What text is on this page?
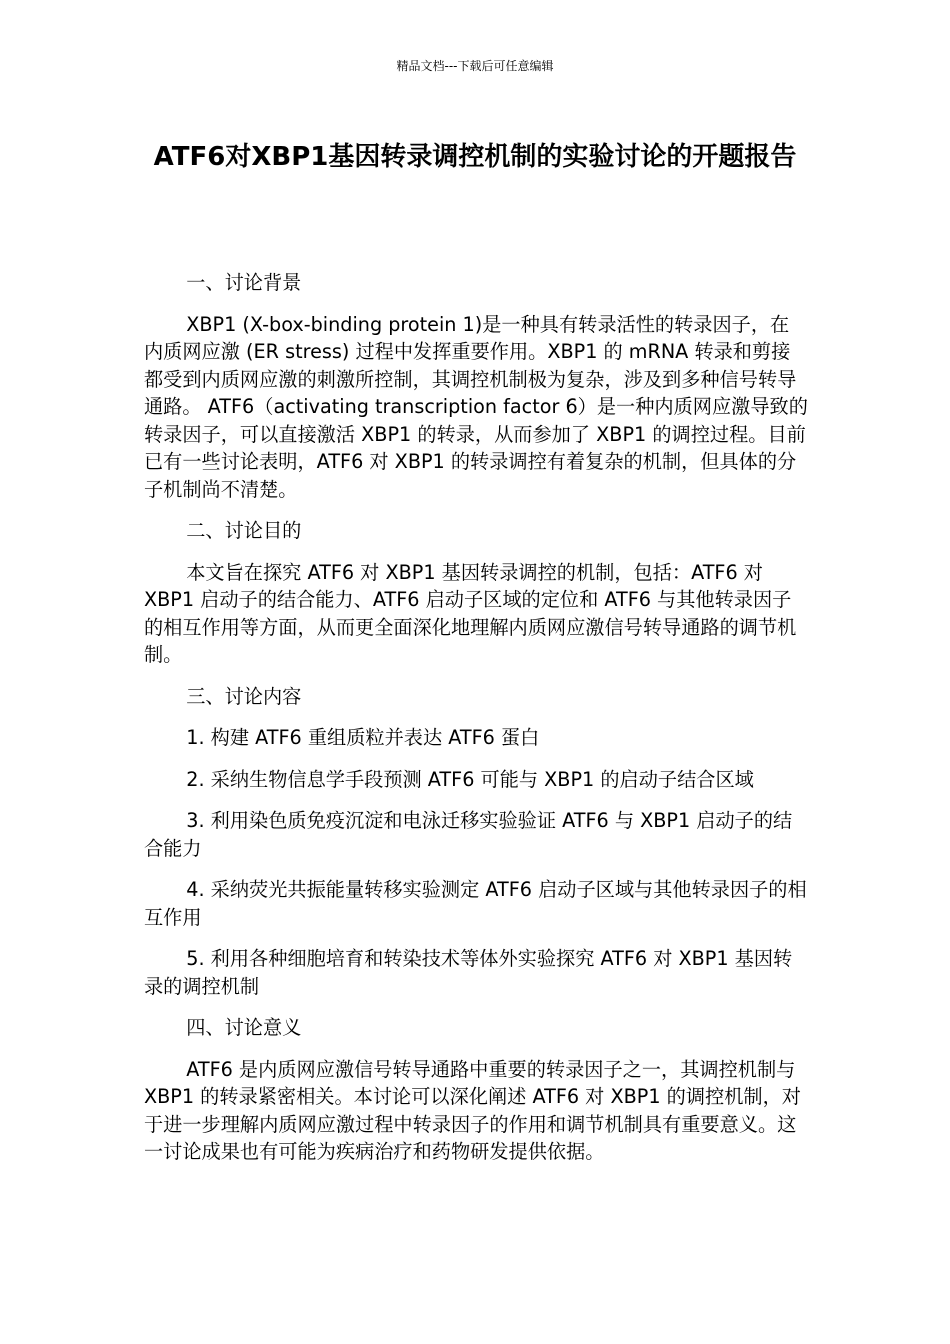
精品文档---下载后可任意编辑
ATF6对XBP1基因转录调控机制的实验讨论的开题报告

一、讨论背景

XBP1 (X-box-binding protein 1)是一种具有转录活性的转录因子，在内质网应激 (ER stress) 过程中发挥重要作用。XBP1 的 mRNA 转录和剪接都受到内质网应激的刺激所控制，其调控机制极为复杂，涉及到多种信号转导通路。 ATF6（activating transcription factor 6）是一种内质网应激导致的转录因子，可以直接激活 XBP1 的转录，从而参加了 XBP1 的调控过程。目前已有一些讨论表明，ATF6 对 XBP1 的转录调控有着复杂的机制，但具体的分子机制尚不清楚。

二、讨论目的

本文旨在探究 ATF6 对 XBP1 基因转录调控的机制，包括：ATF6 对 XBP1 启动子的结合能力、ATF6 启动子区域的定位和 ATF6 与其他转录因子的相互作用等方面，从而更全面深化地理解内质网应激信号转导通路的调节机制。

三、讨论内容

1. 构建 ATF6 重组质粒并表达 ATF6 蛋白

2. 采纳生物信息学手段预测 ATF6 可能与 XBP1 的启动子结合区域

3. 利用染色质免疫沉淀和电泳迁移实验验证 ATF6 与 XBP1 启动子的结合能力

4. 采纳荧光共振能量转移实验测定 ATF6 启动子区域与其他转录因子的相互作用

5. 利用各种细胞培育和转染技术等体外实验探究 ATF6 对 XBP1 基因转录的调控机制

四、讨论意义

ATF6 是内质网应激信号转导通路中重要的转录因子之一，其调控机制与 XBP1 的转录紧密相关。本讨论可以深化阐述 ATF6 对 XBP1 的调控机制，对于进一步理解内质网应激过程中转录因子的作用和调节机制具有重要意义。这一讨论成果也有可能为疾病治疗和药物研发提供依据。
